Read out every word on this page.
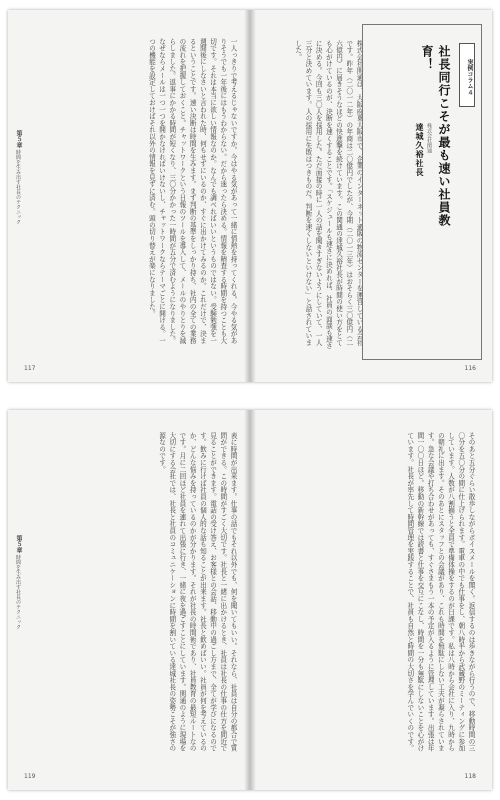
第５章 時間を生み出す社長のテクニック	一人っきりで考えるじゃないですか。今はやる気があって一緒に情熱を持ってくれる。今やる気がありそうでも一年後にはもうわからない。だから迷ったら決める。情報を精査する時間を持つことも大切です。それは本当に欲しい情報なのか。なんでも調べればいいというものではない。受験勉強を一週間後にしなさいと言われた時、何もせずにいるのか、すぐに出かけてみるのか。これだけで、決まるということです。速い決断は時間を生みます。まず判断の基準をしっかり持ち、社内の全ての業務の流れを把握しておくこと。チャットワークという日報のツールを導入して、メールのやりとりを減らしました。返事にかかる時間が短くなり、三〇分かかった一時間が五分で済むようになりました。なぜならメールは一つ一つを開かなければいけないし、チャットワークならテーマごとに開ける。一つの機能を設定しておけばそれ以外の情報を見ずに済む。頭の切り替えが楽になりました。
117
株式会社関通は、大阪府東大阪市で、企業のインターネット通販の物流センターを運営している会社です。昨年（二〇一二年）の年商は二〇億円でしたが、今期（二〇一三年）はおそらく三〇億円（二六億円）に届きそうなほどの快進撃を続けています。この関通の達城久裕社長が時間の使い方をとても心がけているのが、決断を速くすることです。「スケジュールも速さに決めれば、社員の面談も速さに決める。今回も三〇人を採用した。ただ面接の時に一人の話を聞きすぎないようにしていて、一人三分と決めています。人の採用に失敗はつきものだ。判断を速くしないといけない」と話されていました。
実例コラム４
社長同行こそが最も速い社員教育！
株式会社関通
達城久裕社長
116
第５章 時間を生み出す社長のテクニック	表に時間が出来ます。仕事の話でもそれ以外でも、何を聞いてもいい。それなら、社員は自分の都合で質問ができる。この時間がすごく大切です。社長と一緒に出かけるとき、社員は社長の仕事の仕方を間近で見ることができます。電話の受け答え、お客様との会話、移動中の過ごし方まで、全てが学びになるのです。飲みに行けば社員の個人的な話も知ることが出来ます。社長と飲めばいい。社員が何を考えているのか、どんな悩みを持っているのかが分かります。それが社長の時間術であり、社員教育の最短ルートなのです。月に二回ほど社員を連れて出張に行き、一緒に夜を過ごすことにしています。関通のように現場を大切にする会社では、社長と社員のコミュニケーションに時間を割いている達城社長の姿勢こそが強さの源なのです。
119
そのあと五分ぐらい散歩しながらボイスメールを聞く。返信するのは歩きながら行うので、移動時間の三〇分を五〇分の間に仕上げられます。電車の中でも仕事をし、朝八時半から武蔵野のミーティングに参加しています。人数が八割揃うと全員で準備体操をするのが日課です。私は八時から会社に入り、九時からの朝礼に出ます。そのあとにスタッフとの会議があり、これも時間を無駄にしない工夫が凝らされています。急な会議や打ち合わせがあっても、すぐさまもう一本の予定が入るように管理しています。出張は年間一〇〇日ほど。移動の新幹線では読書と仕事を交互にこなし、時間を一分も無駄にしないことを心がけています。社長が率先して時間管理を実践することで、社員も自然と時間の大切さを学んでいくのです。
118
